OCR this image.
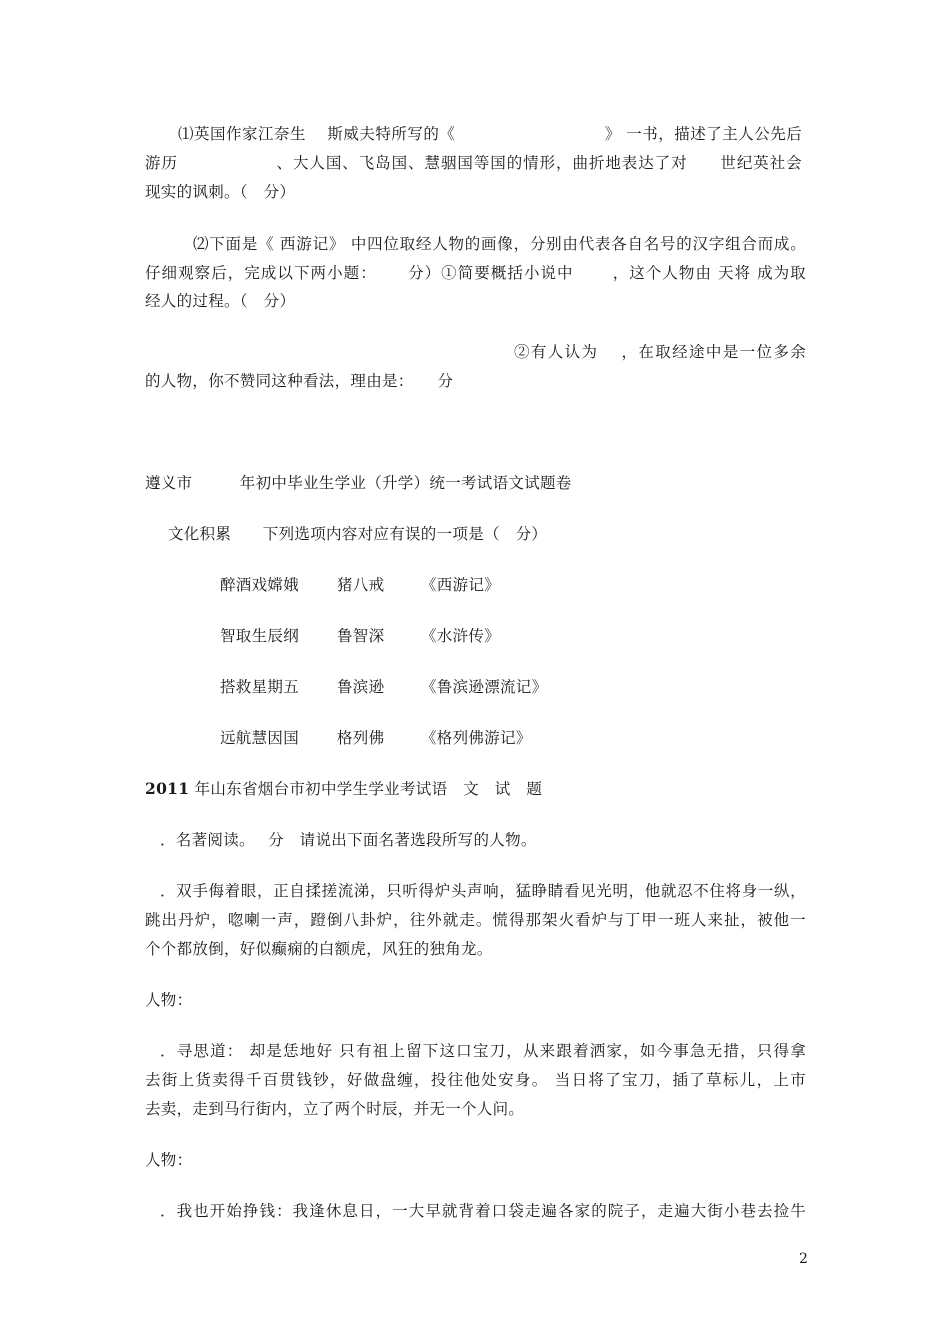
⑴英国作家江奈生　 斯威夫特所写的《　　　　　　　　　 》 一书，描述了主人公先后
游历　　　　　　、大人国、飞岛国、慧骃国等国的情形，曲折地表达了对　　世纪英社会
现实的讽刺。（　分）
⑵下面是《 西游记》 中四位取经人物的画像，分别由代表各自名号的汉字组合而成。
仔细观察后，完成以下两小题：　　 分）①简要概括小说中　　 ，这个人物由 天将 成为取
经人的过程。（　分）
②有人认为　 ，在取经途中是一位多余
的人物，你不赞同这种看法，理由是：　　分
遵义市　　　年初中毕业生学业（升学）统一考试语文试题卷
文化积累　　下列选项内容对应有误的一项是（　分）
醉酒戏嫦娥 猪八戒 《西游记》
智取生辰纲 鲁智深 《水浒传》
搭救星期五 鲁滨逊 《鲁滨逊漂流记》
远航慧因国 格列佛 《格列佛游记》
2011 年山东省烟台市初中学生学业考试语　文　试　题
．名著阅读。　 分　请说出下面名著选段所写的人物。
．双手侮着眼，正自揉搓流涕，只听得炉头声响，猛睁睛看见光明，他就忍不住将身一纵，
跳出丹炉，唿喇一声，蹬倒八卦炉，往外就走。慌得那架火看炉与丁甲一班人来扯，被他一
个个都放倒，好似癫痫的白额虎，风狂的独角龙。
人物：
．寻思道： 却是恁地好 只有祖上留下这口宝刀，从来跟着洒家，如今事急无措，只得拿
去街上货卖得千百贯钱钞，好做盘缠，投往他处安身。 当日将了宝刀，插了草标儿，上市
去卖，走到马行街内，立了两个时辰，并无一个人问。
人物：
．我也开始挣钱：我逢休息日，一大早就背着口袋走遍各家的院子，走遍大街小巷去捡牛
2
